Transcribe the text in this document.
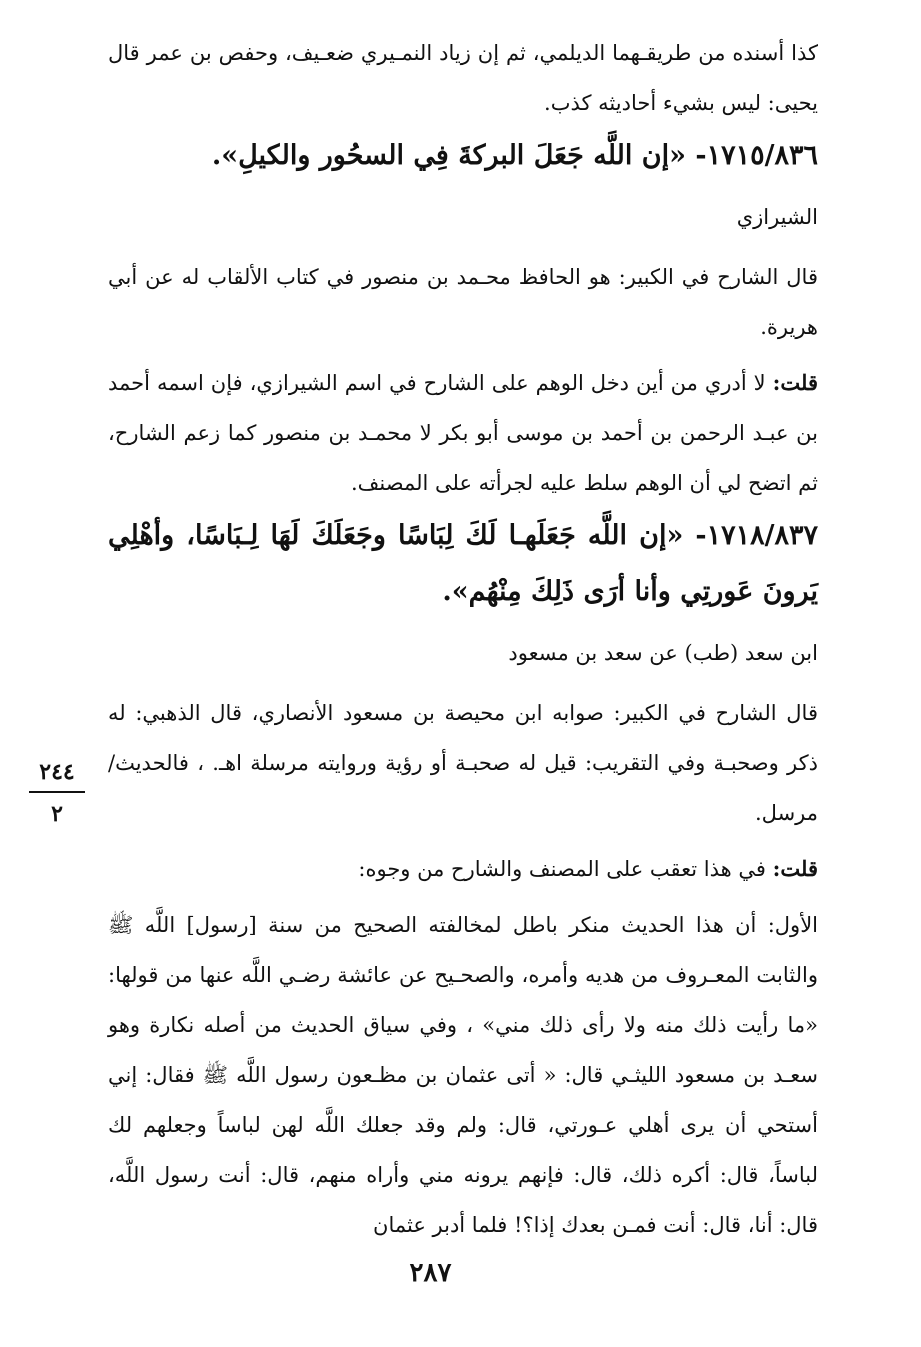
كذا أسنده من طريقـهما الديلمي، ثم إن زياد النمـيري ضعـيف، وحفص بن عمر قال يحيى: ليس بشيء أحاديثه كذب.

١٧١٥/٨٣٦- «إن اللَّه جَعَلَ البركةَ فِي السحُور والكيلِ».

الشيرازي

قال الشارح في الكبير: هو الحافظ محـمد بن منصور في كتاب الألقاب له عن أبي هريرة.

قلت: لا أدري من أين دخل الوهم على الشارح في اسم الشيرازي، فإن اسمه أحمد بن عبـد الرحمن بن أحمد بن موسى أبو بكر لا محمـد بن منصور كما زعم الشارح، ثم اتضح لي أن الوهم سلط عليه لجرأته على المصنف.

١٧١٨/٨٣٧- «إن اللَّه جَعَلَهـا لَكَ لِبَاسًا وجَعَلَكَ لَهَا لِـبَاسًا، وأهْلِي يَرونَ عَورتِي وأنا أرَى ذَلِكَ مِنْهُم».

ابن سعد (طب) عن سعد بن مسعود

قال الشارح في الكبير: صوابه ابن محيصة بن مسعود الأنصاري، قال الذهبي: له ذكر وصحبـة وفي التقريب: قيل له صحبـة أو رؤية وروايته مرسلة اهـ. ، فالحديث/ مرسل.

قلت: في هذا تعقب على المصنف والشارح من وجوه:

الأول: أن هذا الحديث منكر باطل لمخالفته الصحيح من سنة [رسول] اللَّه ﷺ والثابت المعـروف من هديه وأمره، والصحـيح عن عائشة رضـي اللَّه عنها من قولها: «ما رأيت ذلك منه ولا رأى ذلك مني» ، وفي سياق الحديث من أصله نكارة وهو سعـد بن مسعود الليثـي قال: « أتى عثمان بن مظـعون رسول اللَّه ﷺ فقال: إني أستحي أن يرى أهلي عـورتي، قال: ولم وقد جعلك اللَّه لهن لباساً وجعلهم لك لباساً، قال: أكره ذلك، قال: فإنهم يرونه مني وأراه منهم، قال: أنت رسول اللَّه، قال: أنا، قال: أنت فمـن بعدك إذا؟! فلما أدبر عثمان

٢٤٤
٢
٢٨٧
